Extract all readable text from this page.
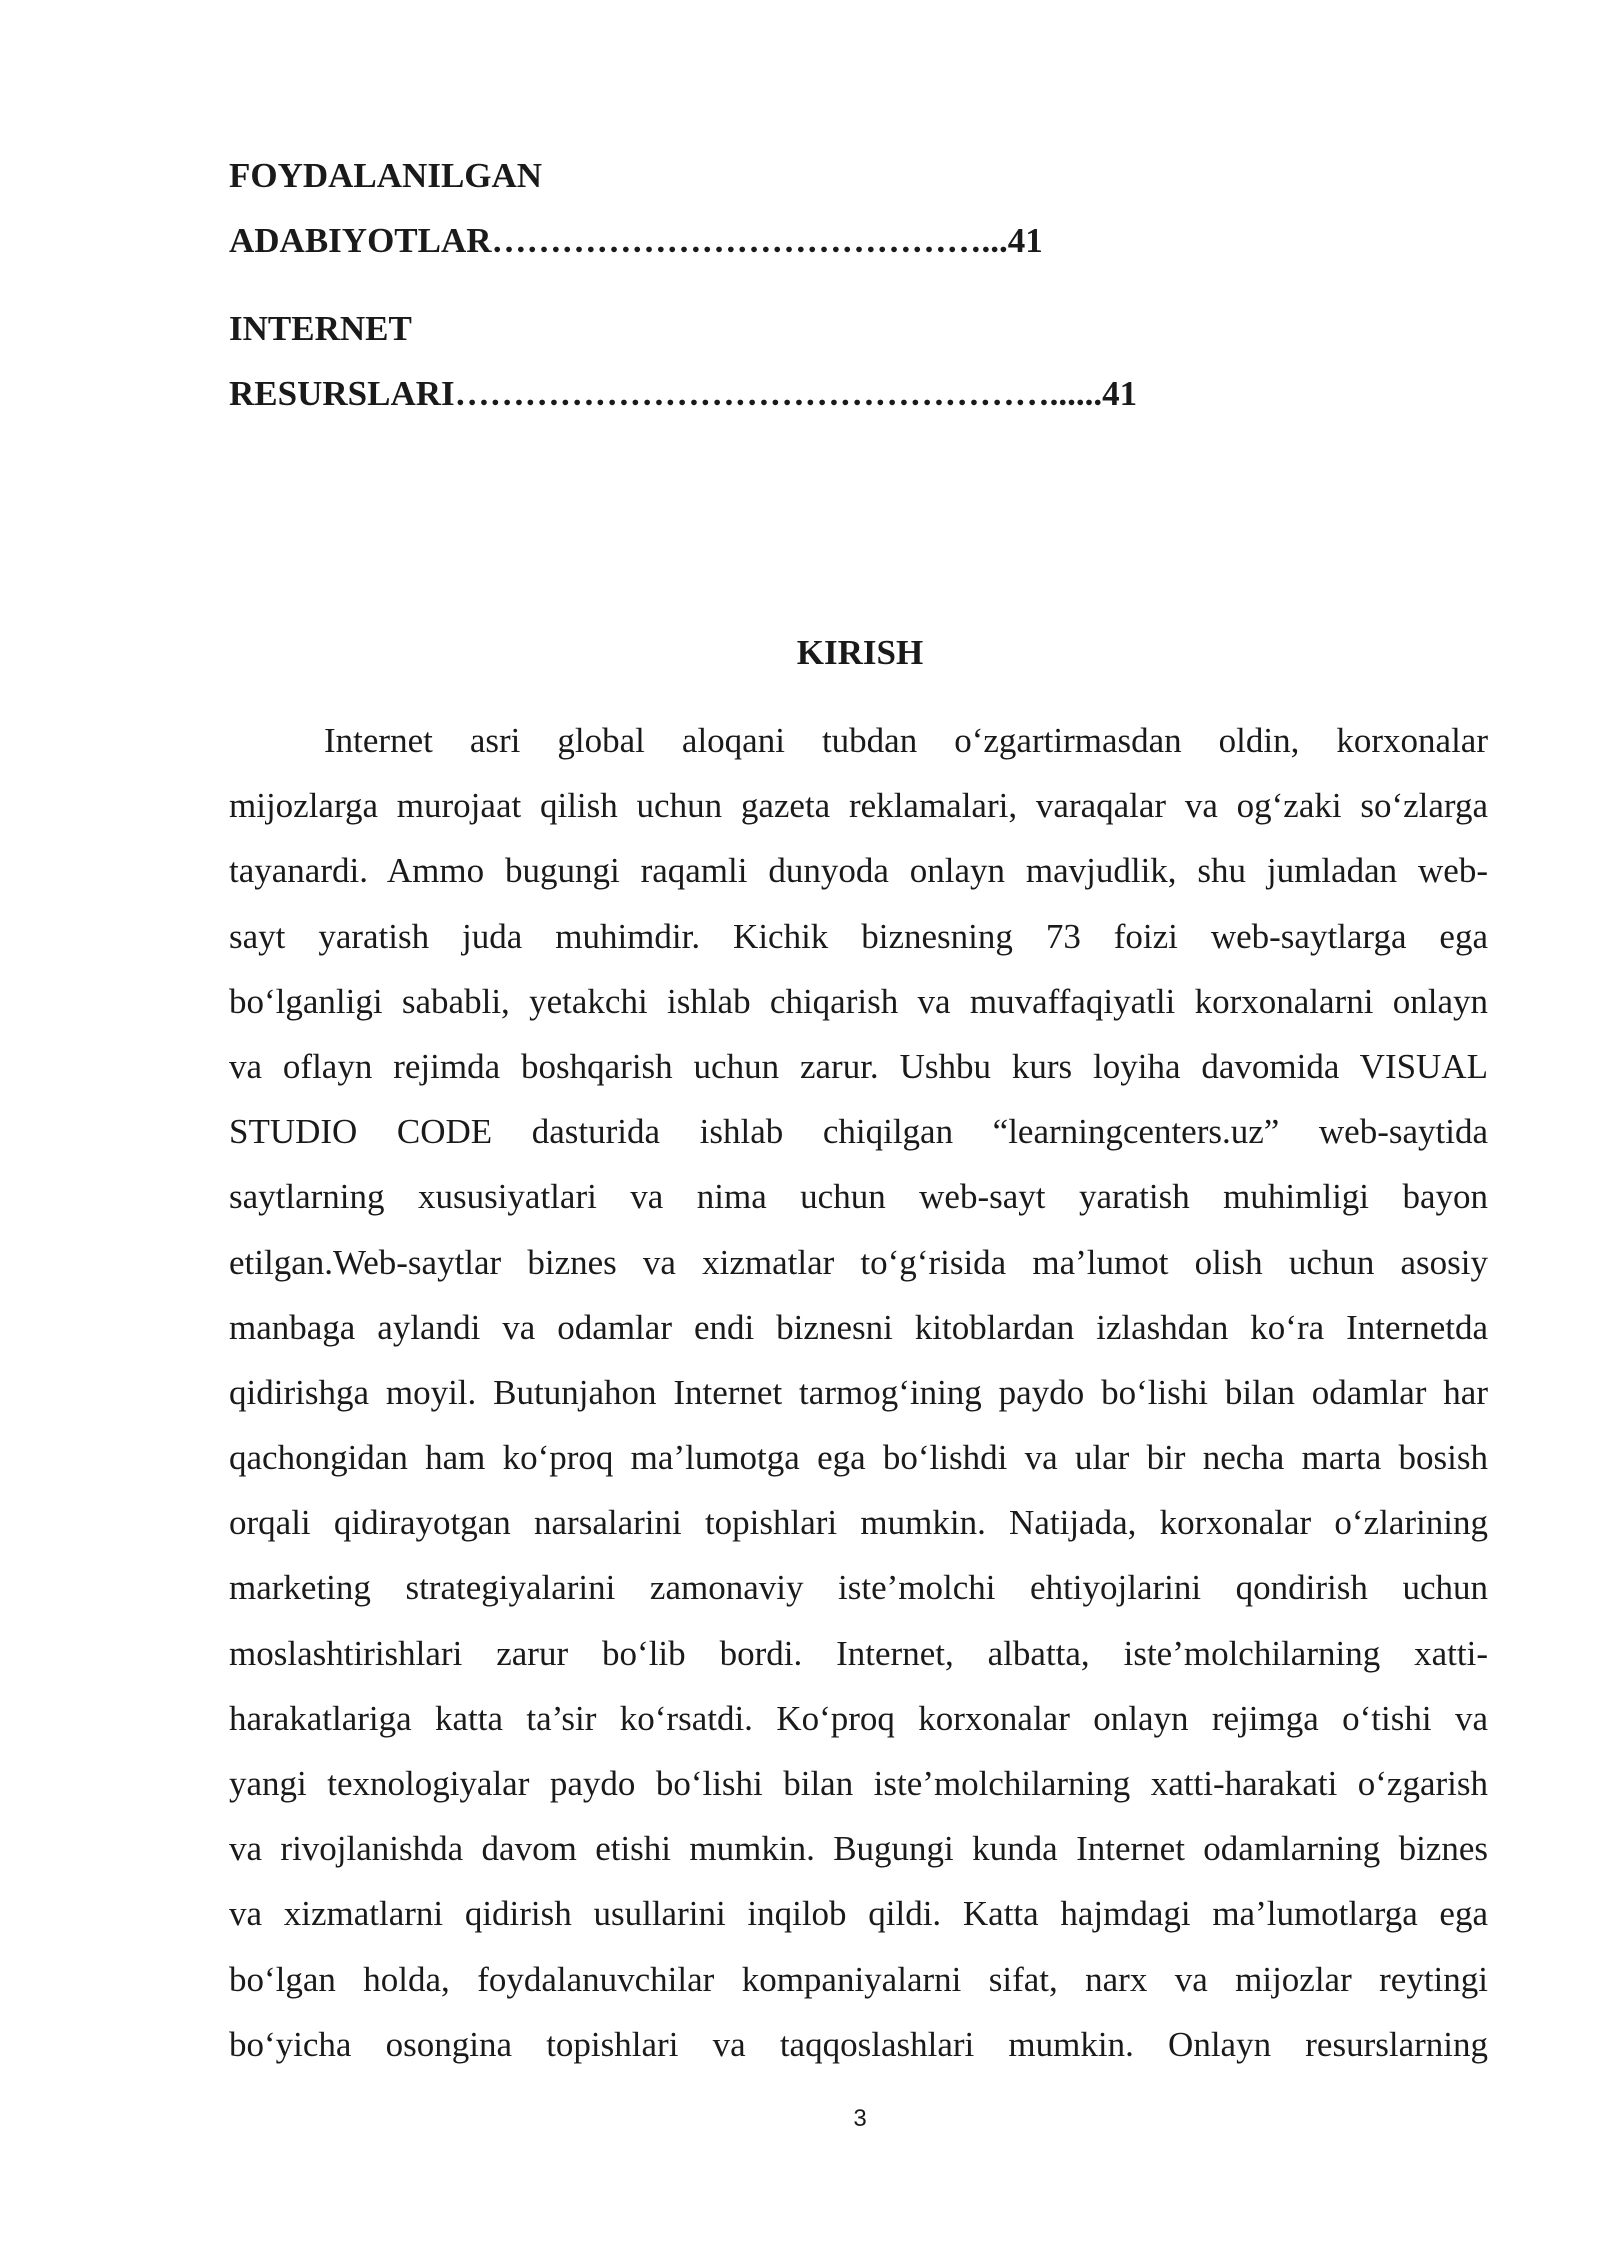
FOYDALANILGAN
ADABIYOTLAR……………………………………...41
INTERNET
RESURSLARI……………………………………………......41
KIRISH
Internet asri global aloqani tubdan o‘zgartirmasdan oldin, korxonalar
mijozlarga murojaat qilish uchun gazeta reklamalari, varaqalar va og‘zaki so‘zlarga
tayanardi. Ammo bugungi raqamli dunyoda onlayn mavjudlik, shu jumladan web-
sayt yaratish juda muhimdir. Kichik biznesning 73 foizi web-saytlarga ega
bo‘lganligi sababli, yetakchi ishlab chiqarish va muvaffaqiyatli korxonalarni onlayn
va oflayn rejimda boshqarish uchun zarur. Ushbu kurs loyiha davomida VISUAL
STUDIO CODE dasturida ishlab chiqilgan “learningcenters.uz” web-saytida
saytlarning xususiyatlari va nima uchun web-sayt yaratish muhimligi bayon
etilgan.Web-saytlar biznes va xizmatlar to‘g‘risida ma’lumot olish uchun asosiy
manbaga aylandi va odamlar endi biznesni kitoblardan izlashdan ko‘ra Internetda
qidirishga moyil. Butunjahon Internet tarmog‘ining paydo bo‘lishi bilan odamlar har
qachongidan ham ko‘proq ma’lumotga ega bo‘lishdi va ular bir necha marta bosish
orqali qidirayotgan narsalarini topishlari mumkin. Natijada, korxonalar o‘zlarining
marketing strategiyalarini zamonaviy iste’molchi ehtiyojlarini qondirish uchun
moslashtirishlari zarur bo‘lib bordi. Internet, albatta, iste’molchilarning xatti-
harakatlariga katta ta’sir ko‘rsatdi. Ko‘proq korxonalar onlayn rejimga o‘tishi va
yangi texnologiyalar paydo bo‘lishi bilan iste’molchilarning xatti-harakati o‘zgarish
va rivojlanishda davom etishi mumkin. Bugungi kunda Internet odamlarning biznes
va xizmatlarni qidirish usullarini inqilob qildi. Katta hajmdagi ma’lumotlarga ega
bo‘lgan holda, foydalanuvchilar kompaniyalarni sifat, narx va mijozlar reytingi
bo‘yicha osongina topishlari va taqqoslashlari mumkin. Onlayn resurslarning
3
